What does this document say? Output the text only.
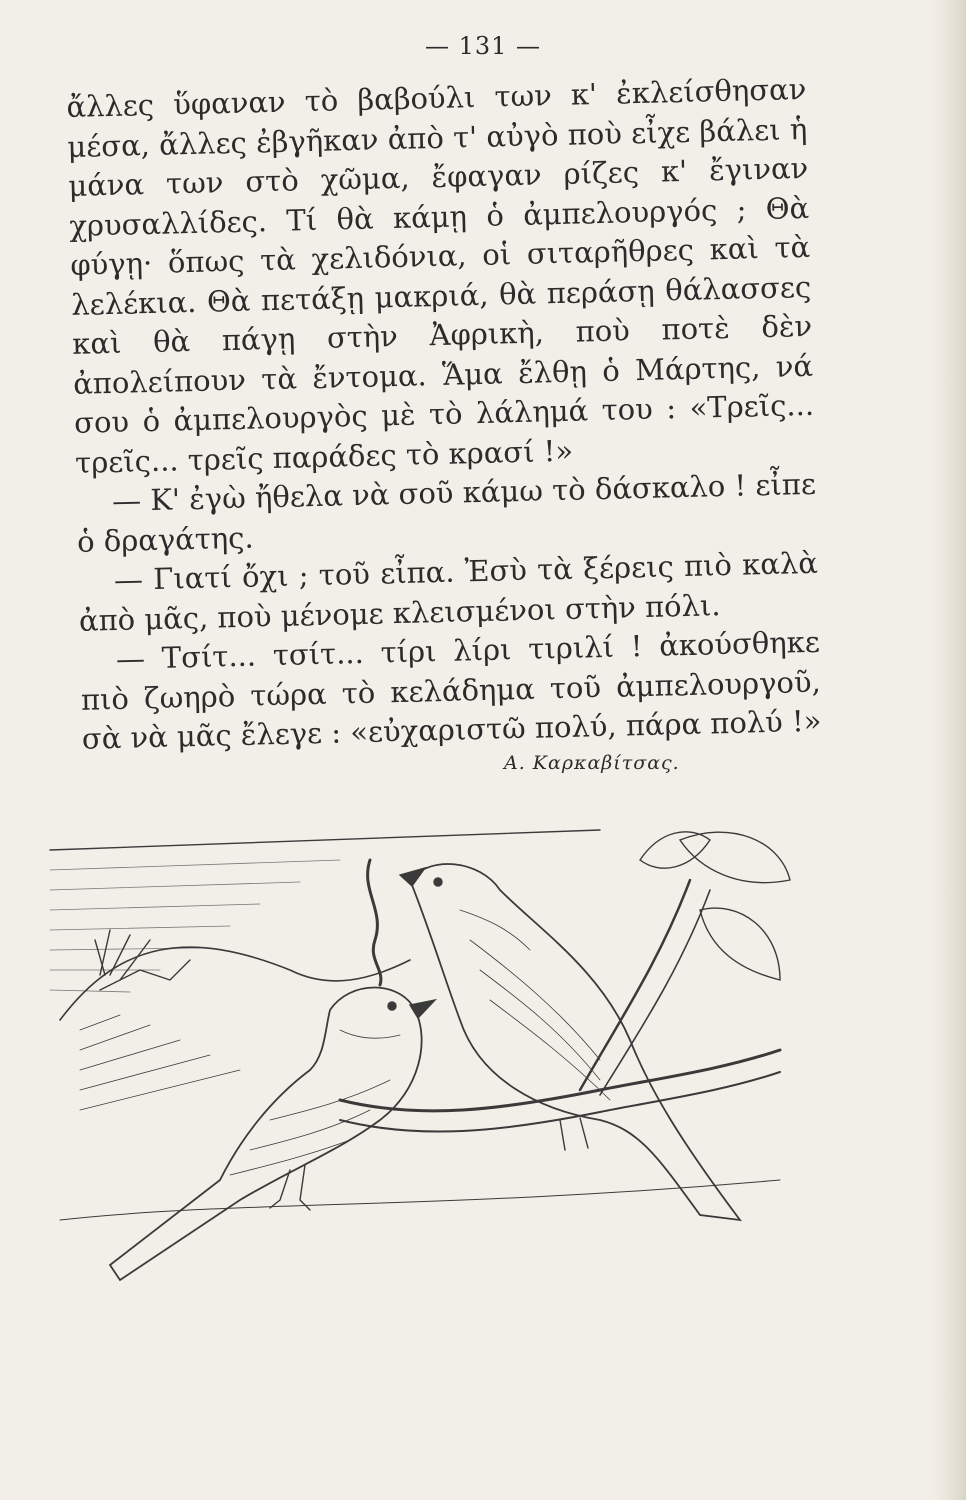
— 131 —

ἄλλες ὕφαναν τὸ βαβούλι των κ' ἐκλείσθησαν μέσα, ἄλλες ἐβγῆκαν ἀπὸ τ' αὐγὸ ποὺ εἶχε βάλει ἡ μάνα των στὸ χῶμα, ἔφαγαν ρίζες κ' ἔγιναν χρυσαλλίδες. Τί θὰ κάμῃ ὁ ἀμπελουργός ; Θὰ φύγῃ· ὅπως τὰ χελιδόνια, οἱ σιταρῆθρες καὶ τὰ λελέκια. Θὰ πετάξῃ μακριά, θὰ περάσῃ θάλασσες καὶ θὰ πάγῃ στὴν Ἀφρικὴ, ποὺ ποτὲ δὲν ἀπολείπουν τὰ ἔντομα. Ἅμα ἔλθῃ ὁ Μάρτης, νά σου ὁ ἀμπελουργὸς μὲ τὸ λάλημά του : «Τρεῖς... τρεῖς... τρεῖς παράδες τὸ κρασί !»

— Κ' ἐγὼ ἤθελα νὰ σοῦ κάμω τὸ δάσκαλο ! εἶπε ὁ δραγάτης.

— Γιατί ὄχι ; τοῦ εἶπα. Ἐσὺ τὰ ξέρεις πιὸ καλὰ ἀπὸ μᾶς, ποὺ μένομε κλεισμένοι στὴν πόλι.

— Τσίτ... τσίτ... τίρι λίρι τιριλί ! ἀκούσθηκε πιὸ ζωηρὸ τώρα τὸ κελάδημα τοῦ ἀμπελουργοῦ, σὰ νὰ μᾶς ἔλεγε : «εὐχαριστῶ πολύ, πάρα πολύ !»

Α. Καρκαβίτσας.
